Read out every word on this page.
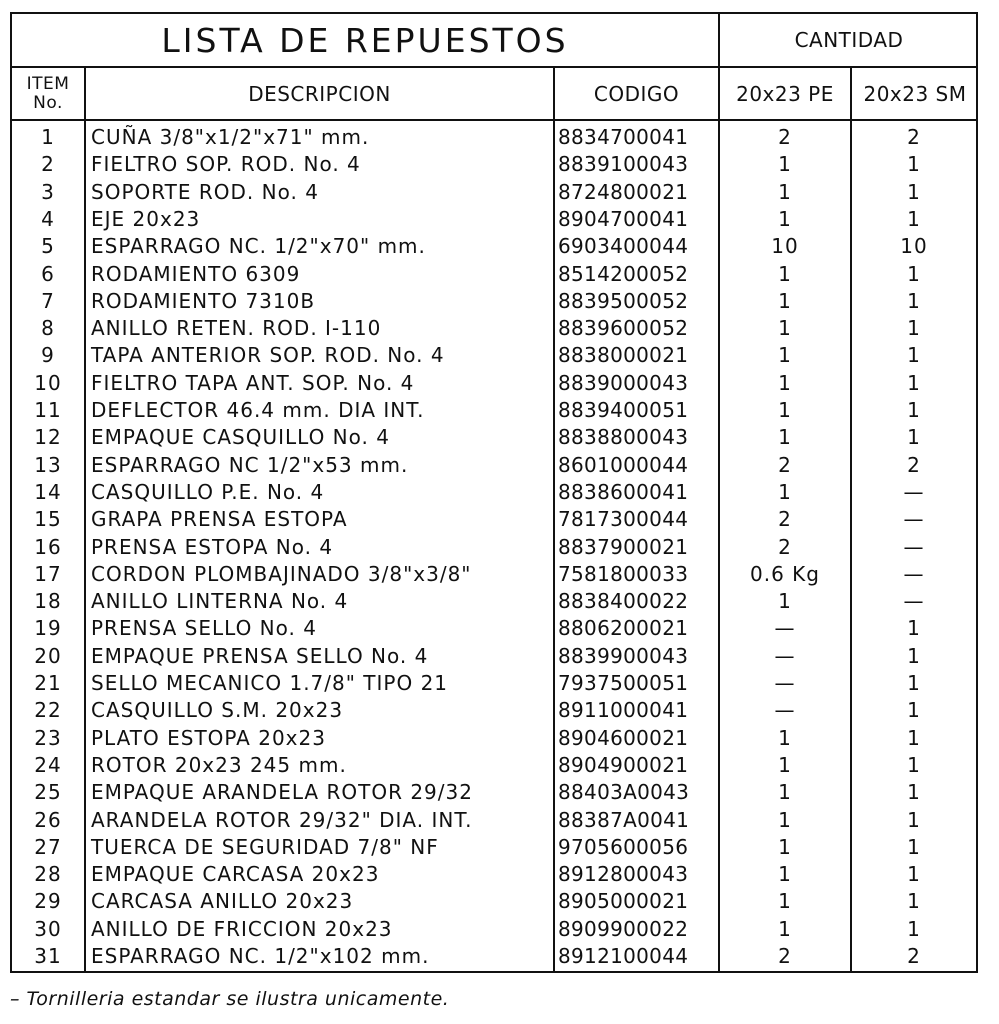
LISTA DE REPUESTOS	CANTIDAD
ITEM
No.	DESCRIPCION	CODIGO	20x23 PE	20x23 SM
1	CUÑA 3/8"x1/2"x71" mm.	8834700041	2	2
2	FIELTRO SOP. ROD. No. 4	8839100043	1	1
3	SOPORTE ROD. No. 4	8724800021	1	1
4	EJE 20x23	8904700041	1	1
5	ESPARRAGO NC. 1/2"x70" mm.	6903400044	10	10
6	RODAMIENTO 6309	8514200052	1	1
7	RODAMIENTO 7310B	8839500052	1	1
8	ANILLO RETEN. ROD. I-110	8839600052	1	1
9	TAPA ANTERIOR SOP. ROD. No. 4	8838000021	1	1
10	FIELTRO TAPA ANT. SOP. No. 4	8839000043	1	1
11	DEFLECTOR 46.4 mm. DIA INT.	8839400051	1	1
12	EMPAQUE CASQUILLO No. 4	8838800043	1	1
13	ESPARRAGO NC 1/2"x53 mm.	8601000044	2	2
14	CASQUILLO P.E. No. 4	8838600041	1	—
15	GRAPA PRENSA ESTOPA	7817300044	2	—
16	PRENSA ESTOPA No. 4	8837900021	2	—
17	CORDON PLOMBAJINADO 3/8"x3/8"	7581800033	0.6 Kg	—
18	ANILLO LINTERNA No. 4	8838400022	1	—
19	PRENSA SELLO No. 4	8806200021	—	1
20	EMPAQUE PRENSA SELLO No. 4	8839900043	—	1
21	SELLO MECANICO 1.7/8" TIPO 21	7937500051	—	1
22	CASQUILLO S.M. 20x23	8911000041	—	1
23	PLATO ESTOPA 20x23	8904600021	1	1
24	ROTOR 20x23 245 mm.	8904900021	1	1
25	EMPAQUE ARANDELA ROTOR 29/32	88403A0043	1	1
26	ARANDELA ROTOR 29/32" DIA. INT.	88387A0041	1	1
27	TUERCA DE SEGURIDAD 7/8" NF	9705600056	1	1
28	EMPAQUE CARCASA 20x23	8912800043	1	1
29	CARCASA ANILLO 20x23	8905000021	1	1
30	ANILLO DE FRICCION 20x23	8909900022	1	1
31	ESPARRAGO NC. 1/2"x102 mm.	8912100044	2	2
– Tornilleria estandar se ilustra unicamente.
